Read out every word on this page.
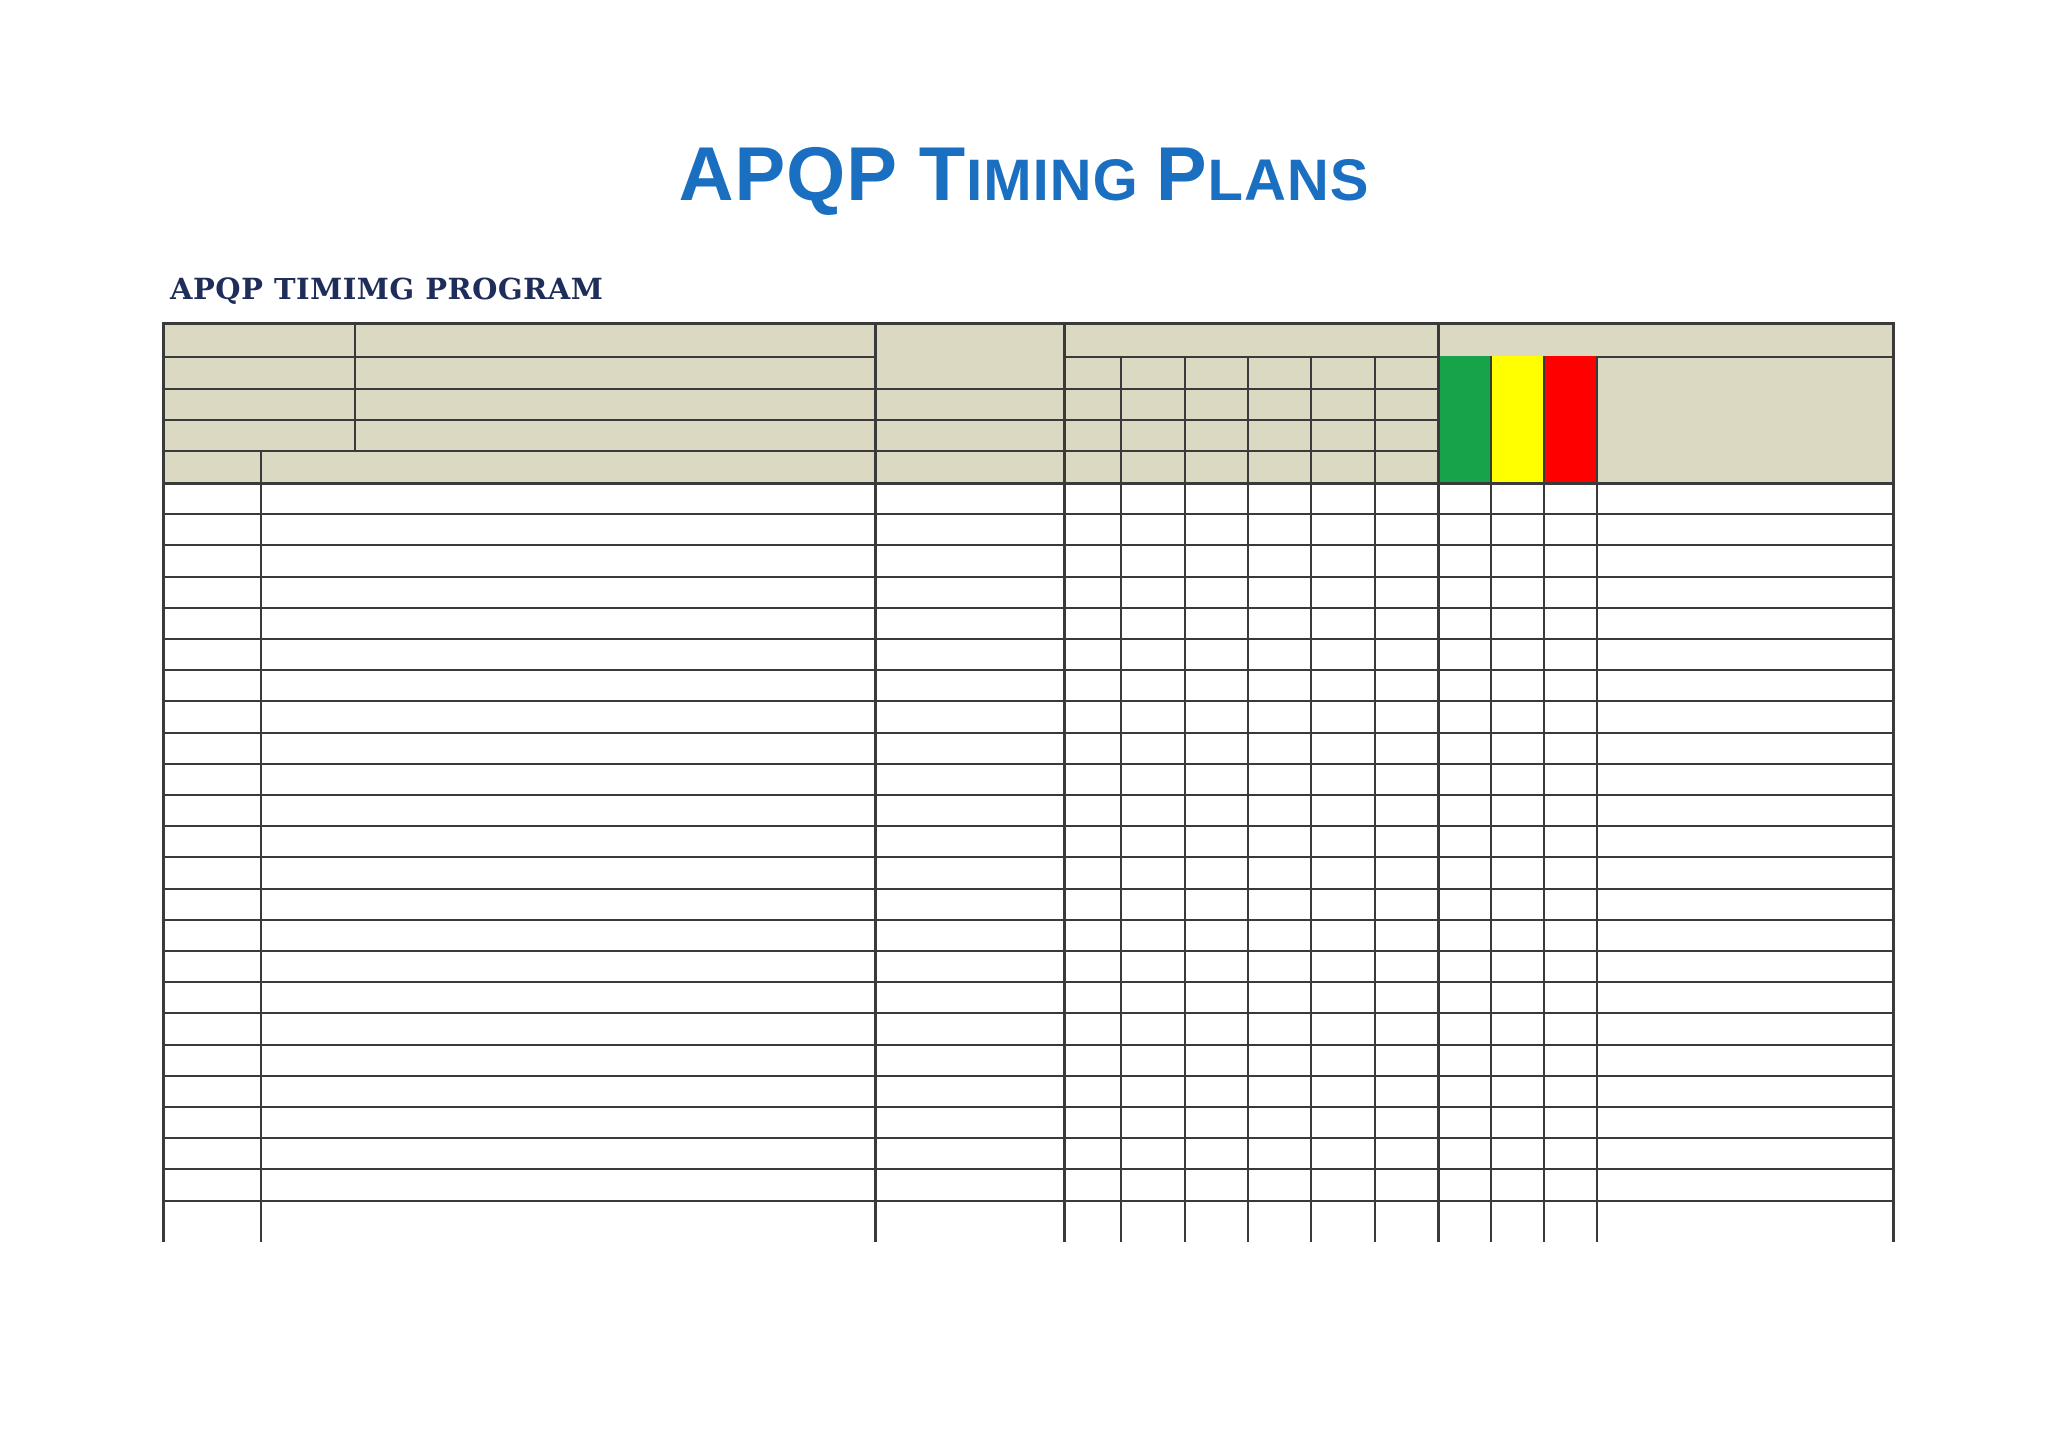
APQP TIMING PLANS
APQP TIMIMG PROGRAM
